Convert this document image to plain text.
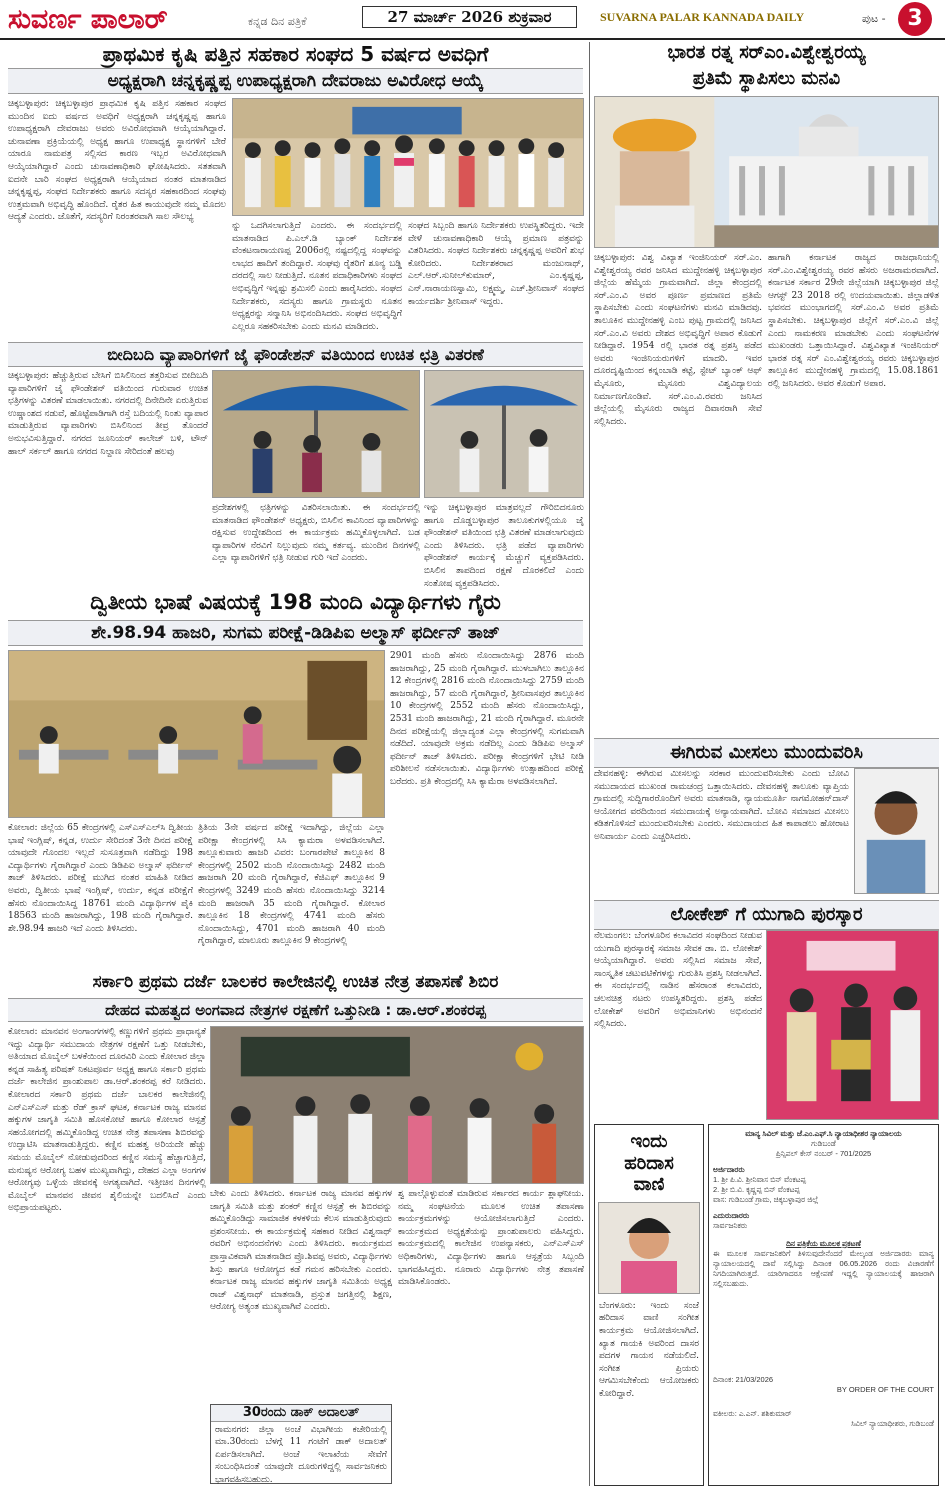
ಸುವರ್ಣ ಪಾಲಾರ್	ಕನ್ನಡ ದಿನ ಪತ್ರಿಕೆ	27 ಮಾರ್ಚ್ 2026 ಶುಕ್ರವಾರ	SUVARNA PALAR KANNADA DAILY	ಪುಟ - 3
ಪ್ರಾಥಮಿಕ ಕೃಷಿ ಪತ್ತಿನ ಸಹಕಾರ ಸಂಘದ 5 ವರ್ಷದ ಅವಧಿಗೆ
ಅಧ್ಯಕ್ಷರಾಗಿ ಚನ್ನಕೃಷ್ಣಪ್ಪ ಉಪಾಧ್ಯಕ್ಷರಾಗಿ ದೇವರಾಜು ಅವಿರೋಧ ಆಯ್ಕೆ
ಚಿಕ್ಕಬಳ್ಳಾಪುರ: ಚಿಕ್ಕಬಳ್ಳಾಪುರ ಪ್ರಾಥಮಿಕ ಕೃಷಿ ಪತ್ತಿನ ಸಹಕಾರ ಸಂಘದ ಮುಂದಿನ ಐದು ವರ್ಷದ ಅವಧಿಗೆ ಅಧ್ಯಕ್ಷರಾಗಿ ಚನ್ನಕೃಷ್ಣಪ್ಪ ಹಾಗೂ ಉಪಾಧ್ಯಕ್ಷರಾಗಿ ದೇವರಾಜು ಅವರು ಅವಿರೋಧವಾಗಿ ಆಯ್ಕೆಯಾಗಿದ್ದಾರೆ. ಚುನಾವಣಾ ಪ್ರಕ್ರಿಯೆಯಲ್ಲಿ ಅಧ್ಯಕ್ಷ ಹಾಗೂ ಉಪಾಧ್ಯಕ್ಷ ಸ್ಥಾನಗಳಿಗೆ ಬೇರೆ ಯಾರೂ ನಾಮಪತ್ರ ಸಲ್ಲಿಸದ ಕಾರಣ ಇಬ್ಬರ ಅವಿರೋಧವಾಗಿ ಆಯ್ಕೆಯಾಗಿದ್ದಾರೆ ಎಂದು ಚುನಾವಣಾಧಿಕಾರಿ ಘೋಷಿಸಿದರು. ಸತತವಾಗಿ ಐದನೇ ಬಾರಿ ಸಂಘದ ಅಧ್ಯಕ್ಷರಾಗಿ ಆಯ್ಕೆಯಾದ ನಂತರ ಮಾತನಾಡಿದ ಚನ್ನಕೃಷ್ಣಪ್ಪ, ಸಂಘದ ನಿರ್ದೇಶಕರು ಹಾಗೂ ಸದಸ್ಯರ ಸಹಕಾರದಿಂದ ಸಂಘವು ಉತ್ತಮವಾಗಿ ಅಭಿವೃದ್ಧಿ ಹೊಂದಿದೆ. ರೈತರ ಹಿತ ಕಾಯುವುದೇ ನಮ್ಮ ಮೊದಲ ಆದ್ಯತೆ ಎಂದರು. ಜೊತೆಗೆ, ಸದಸ್ಯರಿಗೆ ನಿರಂತರವಾಗಿ ಸಾಲ ಸೌಲಭ್ಯ
ನ್ನು ಒದಗಿಸಲಾಗುತ್ತಿದೆ ಎಂದರು. ಈ ಸಂದರ್ಭದಲ್ಲಿ ಮಾತನಾಡಿದ ಪಿ.ಎಲ್.ಡಿ ಬ್ಯಾಂಕ್ ನಿರ್ದೇಶಕ ವೆಂಕಟನಾರಾಯಣಪ್ಪ 2006ರಲ್ಲಿ ನಷ್ಟದಲ್ಲಿದ್ದ ಸಂಘವನ್ನು ಲಾಭದ ಹಾದಿಗೆ ತಂದಿದ್ದಾರೆ. ಸಂಘವು ರೈತರಿಗೆ ಶೂನ್ಯ ಬಡ್ಡಿ ದರದಲ್ಲಿ ಸಾಲ ನೀಡುತ್ತಿದೆ. ನೂತನ ಪದಾಧಿಕಾರಿಗಳು ಸಂಘದ ಅಭಿವೃದ್ಧಿಗೆ ಇನ್ನಷ್ಟು ಶ್ರಮಿಸಲಿ ಎಂದು ಹಾರೈಸಿದರು. ಸಂಘದ ನಿರ್ದೇಶಕರು, ಸದಸ್ಯರು ಹಾಗೂ ಗ್ರಾಮಸ್ಥರು ನೂತನ ಅಧ್ಯಕ್ಷರನ್ನು ಸನ್ಮಾನಿಸಿ ಅಭಿನಂದಿಸಿದರು. ಸಂಘದ ಅಭಿವೃದ್ಧಿಗೆ ಎಲ್ಲರೂ ಸಹಕರಿಸಬೇಕು ಎಂದು ಮನವಿ ಮಾಡಿದರು.
ಸಂಘದ ಸಿಬ್ಬಂದಿ ಹಾಗೂ ನಿರ್ದೇಶಕರು ಉಪಸ್ಥಿತರಿದ್ದರು. ಇದೇ ವೇಳೆ ಚುನಾವಣಾಧಿಕಾರಿ ಆಯ್ಕೆ ಪ್ರಮಾಣ ಪತ್ರವನ್ನು ವಿತರಿಸಿದರು. ಸಂಘದ ನಿರ್ದೇಶಕರು ಚನ್ನಕೃಷ್ಣಪ್ಪ ಅವರಿಗೆ ಶುಭ ಕೋರಿದರು. ನಿರ್ದೇಶಕರಾದ ಮಂಜುನಾಥ್, ಎಲ್.ಆರ್.ಸುನೀಲ್‌ಕುಮಾರ್, ಎಂ.ಕೃಷ್ಣಪ್ಪ, ಎನ್.ನಾರಾಯಣಸ್ವಾಮಿ, ಲಕ್ಷ್ಮಮ್ಮ, ಎಚ್.ಶ್ರೀನಿವಾಸ್ ಸಂಘದ ಕಾರ್ಯದರ್ಶಿ ಶ್ರೀನಿವಾಸ್ ಇದ್ದರು.
ಬೀದಿಬದಿ ವ್ಯಾಪಾರಿಗಳಿಗೆ ಜೈ ಫೌಂಡೇಶನ್ ವತಿಯಿಂದ ಉಚಿತ ಛತ್ರಿ ವಿತರಣೆ
ಚಿಕ್ಕಬಳ್ಳಾಪುರ: ಹೆಚ್ಚುತ್ತಿರುವ ಬೇಸಿಗೆ ಬಿಸಿಲಿನಿಂದ ತತ್ತರಿಸುವ ಬೀದಿಬದಿ ವ್ಯಾಪಾರಿಗಳಿಗೆ ಜೈ ಫೌಂಡೇಶನ್ ವತಿಯಿಂದ ಗುರುವಾರ ಉಚಿತ ಛತ್ರಿಗಳನ್ನು ವಿತರಣೆ ಮಾಡಲಾಯಿತು. ನಗರದಲ್ಲಿ ದಿನೇದಿನೇ ಏರುತ್ತಿರುವ ಉಷ್ಣಾಂಶದ ನಡುವೆ, ಹೊಟ್ಟೆಪಾಡಿಗಾಗಿ ರಸ್ತೆ ಬದಿಯಲ್ಲಿ ನಿಂತು ವ್ಯಾಪಾರ ಮಾಡುತ್ತಿರುವ ವ್ಯಾಪಾರಿಗಳು ಬಿಸಿಲಿನಿಂದ ತೀವ್ರ ತೊಂದರೆ ಅನುಭವಿಸುತ್ತಿದ್ದಾರೆ. ನಗರದ ಜೂನಿಯರ್ ಕಾಲೇಜ್ ಬಳಿ, ಟೌನ್ ಹಾಲ್ ಸರ್ಕಲ್ ಹಾಗೂ ನಗರದ ನಿಲ್ದಾಣ ಸೇರಿದಂತೆ ಹಲವು
ಪ್ರದೇಶಗಳಲ್ಲಿ ಛತ್ರಿಗಳನ್ನು ವಿತರಿಸಲಾಯಿತು. ಈ ಸಂದರ್ಭದಲ್ಲಿ ಮಾತನಾಡಿದ ಫೌಂಡೇಶನ್ ಅಧ್ಯಕ್ಷರು, ಬಿಸಿಲಿನ ಕಾವಿನಿಂದ ವ್ಯಾಪಾರಿಗಳನ್ನು ರಕ್ಷಿಸುವ ಉದ್ದೇಶದಿಂದ ಈ ಕಾರ್ಯಕ್ರಮ ಹಮ್ಮಿಕೊಳ್ಳಲಾಗಿದೆ. ಬಡ ವ್ಯಾಪಾರಿಗಳ ನೆರವಿಗೆ ನಿಲ್ಲುವುದು ನಮ್ಮ ಕರ್ತವ್ಯ. ಮುಂದಿನ ದಿನಗಳಲ್ಲಿ ಎಲ್ಲಾ ವ್ಯಾಪಾರಿಗಳಿಗೆ ಛತ್ರಿ ನೀಡುವ ಗುರಿ ಇದೆ ಎಂದರು.
ಇನ್ನು ಚಿಕ್ಕಬಳ್ಳಾಪುರ ಮಾತ್ರವಲ್ಲದೆ ಗೌರಿಬಿದನೂರು ಹಾಗೂ ದೊಡ್ಡಬಳ್ಳಾಪುರ ತಾಲೂಕುಗಳಲ್ಲಿಯೂ ಜೈ ಫೌಂಡೇಶನ್ ವತಿಯಿಂದ ಛತ್ರಿ ವಿತರಣೆ ಮಾಡಲಾಗುವುದು ಎಂದು ತಿಳಿಸಿದರು. ಛತ್ರಿ ಪಡೆದ ವ್ಯಾಪಾರಿಗಳು ಫೌಂಡೇಶನ್ ಕಾರ್ಯಕ್ಕೆ ಮೆಚ್ಚುಗೆ ವ್ಯಕ್ತಪಡಿಸಿದರು. ಬಿಸಿಲಿನ ತಾಪದಿಂದ ರಕ್ಷಣೆ ದೊರಕಲಿದೆ ಎಂದು ಸಂತೋಷ ವ್ಯಕ್ತಪಡಿಸಿದರು.
ದ್ವಿತೀಯ ಭಾಷೆ ವಿಷಯಕ್ಕೆ 198 ಮಂದಿ ವಿದ್ಯಾರ್ಥಿಗಳು ಗೈರು
ಶೇ.98.94 ಹಾಜರಿ, ಸುಗಮ ಪರೀಕ್ಷೆ-ಡಿಡಿಪಿಐ ಅಲ್ಮಾಸ್ ಫರ್ದೀನ್ ತಾಜ್
2901 ಮಂದಿ ಹೆಸರು ನೊಂದಾಯಿಸಿದ್ದು 2876 ಮಂದಿ ಹಾಜರಾಗಿದ್ದು, 25 ಮಂದಿ ಗೈರಾಗಿದ್ದಾರೆ. ಮುಳಬಾಗಿಲು ತಾಲ್ಲೂಕಿನ 12 ಕೇಂದ್ರಗಳಲ್ಲಿ 2816 ಮಂದಿ ನೊಂದಾಯಿಸಿದ್ದು 2759 ಮಂದಿ ಹಾಜರಾಗಿದ್ದು, 57 ಮಂದಿ ಗೈರಾಗಿದ್ದಾರೆ, ಶ್ರೀನಿವಾಸಪುರ ತಾಲ್ಲೂಕಿನ 10 ಕೇಂದ್ರಗಳಲ್ಲಿ 2552 ಮಂದಿ ಹೆಸರು ನೊಂದಾಯಿಸಿದ್ದು, 2531 ಮಂದಿ ಹಾಜರಾಗಿದ್ದು, 21 ಮಂದಿ ಗೈರಾಗಿದ್ದಾರೆ. ಮೂರನೇ ದಿನದ ಪರೀಕ್ಷೆಯಲ್ಲಿ ಜಿಲ್ಲಾದ್ಯಂತ ಎಲ್ಲಾ ಕೇಂದ್ರಗಳಲ್ಲಿ ಸುಗಮವಾಗಿ ನಡೆದಿದೆ. ಯಾವುದೇ ಅಕ್ರಮ ನಡೆದಿಲ್ಲ ಎಂದು ಡಿಡಿಪಿಐ ಅಲ್ಮಾಸ್ ಫರ್ದೀನ್ ತಾಜ್ ತಿಳಿಸಿದರು. ಪರೀಕ್ಷಾ ಕೇಂದ್ರಗಳಿಗೆ ಭೇಟಿ ನೀಡಿ ಪರಿಶೀಲನೆ ನಡೆಸಲಾಯಿತು. ವಿದ್ಯಾರ್ಥಿಗಳು ಉತ್ಸಾಹದಿಂದ ಪರೀಕ್ಷೆ ಬರೆದರು. ಪ್ರತಿ ಕೇಂದ್ರದಲ್ಲಿ ಸಿಸಿ ಕ್ಯಾಮೆರಾ ಅಳವಡಿಸಲಾಗಿದೆ.
ಕೋಲಾರ: ಜಿಲ್ಲೆಯ 65 ಕೇಂದ್ರಗಳಲ್ಲಿ ಎಸ್ಎಸ್ಎಲ್‌ಸಿ ದ್ವಿತೀಯ ಭಾಷೆ ಇಂಗ್ಲಿಷ್, ಕನ್ನಡ, ಉರ್ದು ಸೇರಿದಂತೆ 3ನೇ ದಿನದ ಪರೀಕ್ಷೆ ಯಾವುದೇ ಗೊಂದಲ ಇಲ್ಲದೆ ಸುಸೂತ್ರವಾಗಿ ನಡೆದಿದ್ದು 198 ವಿದ್ಯಾರ್ಥಿಗಳು ಗೈರಾಗಿದ್ದಾರೆ ಎಂದು ಡಿಡಿಪಿಐ ಅಲ್ಮಾಸ್ ಫರ್ದೀನ್ ತಾಜ್ ತಿಳಿಸಿದರು. ಪರೀಕ್ಷೆ ಮುಗಿದ ನಂತರ ಮಾಹಿತಿ ನೀಡಿದ ಅವರು, ದ್ವಿತೀಯ ಭಾಷೆ ಇಂಗ್ಲಿಷ್, ಉರ್ದು, ಕನ್ನಡ ಪರೀಕ್ಷೆಗೆ ಹೆಸರು ನೊಂದಾಯಿಸಿದ್ದ 18761 ಮಂದಿ ವಿದ್ಯಾರ್ಥಿಗಳ ಪೈಕಿ 18563 ಮಂದಿ ಹಾಜರಾಗಿದ್ದು, 198 ಮಂದಿ ಗೈರಾಗಿದ್ದಾರೆ. ಶೇ.98.94 ಹಾಜರಿ ಇದೆ ಎಂದು ತಿಳಿಸಿದರು.
ತ್ರಿತಿಯ 3ನೇ ವರ್ಷದ ಪರೀಕ್ಷೆ ಇದಾಗಿದ್ದು, ಜಿಲ್ಲೆಯ ಎಲ್ಲಾ ಪರೀಕ್ಷಾ ಕೇಂದ್ರಗಳಲ್ಲಿ ಸಿಸಿ ಕ್ಯಾಮರಾ ಅಳವಡಿಸಲಾಗಿದೆ. ತಾಲ್ಲೂಕುವಾರು ಹಾಜರಿ ವಿವರ: ಬಂಗಾರಪೇಟೆ ತಾಲ್ಲೂಕಿನ 8 ಕೇಂದ್ರಗಳಲ್ಲಿ 2502 ಮಂದಿ ನೊಂದಾಯಿಸಿದ್ದು 2482 ಮಂದಿ ಹಾಜರಾಗಿ 20 ಮಂದಿ ಗೈರಾಗಿದ್ದಾರೆ, ಕೆಜಿಎಫ್ ತಾಲ್ಲೂಕಿನ 9 ಕೇಂದ್ರಗಳಲ್ಲಿ 3249 ಮಂದಿ ಹೆಸರು ನೊಂದಾಯಿಸಿದ್ದು 3214 ಮಂದಿ ಹಾಜರಾಗಿ 35 ಮಂದಿ ಗೈರಾಗಿದ್ದಾರೆ. ಕೋಲಾರ ತಾಲ್ಲೂಕಿನ 18 ಕೇಂದ್ರಗಳಲ್ಲಿ 4741 ಮಂದಿ ಹೆಸರು ನೊಂದಾಯಿಸಿದ್ದು, 4701 ಮಂದಿ ಹಾಜರಾಗಿ 40 ಮಂದಿ ಗೈರಾಗಿದ್ದಾರೆ, ಮಾಲೂರು ತಾಲ್ಲೂಕಿನ 9 ಕೇಂದ್ರಗಳಲ್ಲಿ
ಸರ್ಕಾರಿ ಪ್ರಥಮ ದರ್ಜೆ ಬಾಲಕರ ಕಾಲೇಜಿನಲ್ಲಿ ಉಚಿತ ನೇತ್ರ ತಪಾಸಣೆ ಶಿಬಿರ
ದೇಹದ ಮಹತ್ವದ ಅಂಗವಾದ ನೇತ್ರಗಳ ರಕ್ಷಣೆಗೆ ಒತ್ತುನೀಡಿ : ಡಾ.ಆರ್.ಶಂಕರಪ್ಪ
ಕೋಲಾರ: ಮಾನವನ ಅಂಗಾಂಗಗಳಲ್ಲಿ ಕಣ್ಣುಗಳಿಗೆ ಪ್ರಥಮ ಪ್ರಾಧಾನ್ಯತೆ ಇದ್ದು ವಿದ್ಯಾರ್ಥಿ ಸಮುದಾಯ ನೇತ್ರಗಳ ರಕ್ಷಣೆಗೆ ಒತ್ತು ನೀಡಬೇಕು, ಅತಿಯಾದ ಮೊಬೈಲ್ ಬಳಕೆಯಿಂದ ದೂರವಿರಿ ಎಂದು ಕೋಲಾರ ಜಿಲ್ಲಾ ಕನ್ನಡ ಸಾಹಿತ್ಯ ಪರಿಷತ್ ನಿಕಟಪೂರ್ವ ಅಧ್ಯಕ್ಷ ಹಾಗೂ ಸರ್ಕಾರಿ ಪ್ರಥಮ ದರ್ಜೆ ಕಾಲೇಜಿನ ಪ್ರಾಂಶುಪಾಲ ಡಾ.ಆರ್.ಶಂಕರಪ್ಪ ಕರೆ ನೀಡಿದರು. ಕೋಲಾರದ ಸರ್ಕಾರಿ ಪ್ರಥಮ ದರ್ಜೆ ಬಾಲಕರ ಕಾಲೇಜಿನಲ್ಲಿ ಎನ್‌ಎಸ್‌ಎಸ್ ಮತ್ತು ರೆಡ್ ಕ್ರಾಸ್ ಘಟಕ, ಕರ್ನಾಟಕ ರಾಜ್ಯ ಮಾನವ ಹಕ್ಕುಗಳ ಜಾಗೃತಿ ಸಮಿತಿ ಹೊಸಕೋಟೆ ಹಾಗೂ ಕೋಲಾರ ಆಸ್ಪತ್ರೆ ಸಹಯೋಗದಲ್ಲಿ ಹಮ್ಮಿಕೊಂಡಿದ್ದ ಉಚಿತ ನೇತ್ರ ತಪಾಸಣಾ ಶಿಬಿರವನ್ನು ಉದ್ಘಾಟಿಸಿ ಮಾತನಾಡುತ್ತಿದ್ದರು. ಕಣ್ಣಿನ ಮಹತ್ವ ಅರಿಯದೇ ಹೆಚ್ಚು ಸಮಯ ಮೊಬೈಲ್ ನೋಡುವುದರಿಂದ ಕಣ್ಣಿನ ಸಮಸ್ಯೆ ಹೆಚ್ಚಾಗುತ್ತಿದೆ, ಮನುಷ್ಯನ ಆರೋಗ್ಯ ಬಹಳ ಮುಖ್ಯವಾಗಿದ್ದು, ದೇಹದ ಎಲ್ಲಾ ಅಂಗಗಳ ಆರೋಗ್ಯವು ಒಳ್ಳೆಯ ಜೀವನಕ್ಕೆ ಅಗತ್ಯವಾಗಿದೆ. ಇತ್ತೀಚಿನ ದಿನಗಳಲ್ಲಿ ಮೊಬೈಲ್ ಮಾನವನ ಜೀವನ ಶೈಲಿಯನ್ನೇ ಬದಲಿಸಿದೆ ಎಂದು ಅಭಿಪ್ರಾಯಪಟ್ಟರು.
ಬೇಕು ಎಂದು ತಿಳಿಸಿದರು. ಕರ್ನಾಟಕ ರಾಜ್ಯ ಮಾನವ ಹಕ್ಕುಗಳ ಜಾಗೃತಿ ಸಮಿತಿ ಮತ್ತು ಶಂಕರ್ ಕಣ್ಣಿನ ಆಸ್ಪತ್ರೆ ಈ ಶಿಬಿರವನ್ನು ಹಮ್ಮಿಕೊಂಡಿದ್ದು ಸಾಮಾಜಿಕ ಕಳಕಳಿಯ ಕೆಲಸ ಮಾಡುತ್ತಿರುವುದು ಪ್ರಶಂಸನೀಯ. ಈ ಕಾರ್ಯಕ್ರಮಕ್ಕೆ ಸಹಕಾರ ನೀಡಿದ ವಿಶ್ವನಾಥ್ ರವರಿಗೆ ಅಭಿನಂದನೆಗಳು ಎಂದು ತಿಳಿಸಿದರು. ಕಾರ್ಯಕ್ರಮದ ಪ್ರಾಸ್ತಾವಿಕವಾಗಿ ಮಾತನಾಡಿದ ಪ್ರೊ.ಶಿವಪ್ಪ ಅವರು, ವಿದ್ಯಾರ್ಥಿಗಳು ಶಿಸ್ತು ಹಾಗೂ ಆರೋಗ್ಯದ ಕಡೆ ಗಮನ ಹರಿಸಬೇಕು ಎಂದರು. ಕರ್ನಾಟಕ ರಾಜ್ಯ ಮಾನವ ಹಕ್ಕುಗಳ ಜಾಗೃತಿ ಸಮಿತಿಯ ಅಧ್ಯಕ್ಷ ರಾಜ್ ವಿಶ್ವನಾಥ್ ಮಾತನಾಡಿ, ಪ್ರಸ್ತುತ ಜಗತ್ತಿನಲ್ಲಿ ಶಿಕ್ಷಣ, ಆರೋಗ್ಯ ಅತ್ಯಂತ ಮುಖ್ಯವಾಗಿವೆ ಎಂದರು.
ಶ್ವ ಪಾಲ್ಗೊಳ್ಳುವಂತೆ ಮಾಡಿರುವ ಸರ್ಕಾರದ ಕಾರ್ಯ ಶ್ಲಾಘನೀಯ. ನಮ್ಮ ಸಂಘಟನೆಯ ಮೂಲಕ ಉಚಿತ ತಪಾಸಣಾ ಕಾರ್ಯಕ್ರಮಗಳನ್ನು ಆಯೋಜಿಸಲಾಗುತ್ತಿದೆ ಎಂದರು. ಕಾರ್ಯಕ್ರಮದ ಅಧ್ಯಕ್ಷತೆಯನ್ನು ಪ್ರಾಂಶುಪಾಲರು ವಹಿಸಿದ್ದರು. ಕಾರ್ಯಕ್ರಮದಲ್ಲಿ ಕಾಲೇಜಿನ ಉಪನ್ಯಾಸಕರು, ಎನ್‌ಎಸ್‌ಎಸ್ ಅಧಿಕಾರಿಗಳು, ವಿದ್ಯಾರ್ಥಿಗಳು ಹಾಗೂ ಆಸ್ಪತ್ರೆಯ ಸಿಬ್ಬಂದಿ ಭಾಗವಹಿಸಿದ್ದರು. ನೂರಾರು ವಿದ್ಯಾರ್ಥಿಗಳು ನೇತ್ರ ತಪಾಸಣೆ ಮಾಡಿಸಿಕೊಂಡರು.
30ರಂದು ಡಾಕ್ ಅದಾಲತ್
ರಾಮನಗರ: ಜಿಲ್ಲಾ ಅಂಚೆ ವಿಭಾಗೀಯ ಕಚೇರಿಯಲ್ಲಿ ಮಾ.30ರಂದು ಬೆಳಗ್ಗೆ 11 ಗಂಟೆಗೆ ಡಾಕ್ ಅದಾಲತ್ ಏರ್ಪಡಿಸಲಾಗಿದೆ. ಅಂಚೆ ಇಲಾಖೆಯ ಸೇವೆಗೆ ಸಂಬಂಧಿಸಿದಂತೆ ಯಾವುದೇ ದೂರುಗಳಿದ್ದಲ್ಲಿ ಸಾರ್ವಜನಿಕರು ಭಾಗವಹಿಸಬಹುದು.
ಭಾರತ ರತ್ನ ಸರ್‌ಎಂ.ವಿಶ್ವೇಶ್ವರಯ್ಯ
ಪ್ರತಿಮೆ ಸ್ಥಾಪಿಸಲು ಮನವಿ
ಚಿಕ್ಕಬಳ್ಳಾಪುರ: ವಿಶ್ವ ವಿಖ್ಯಾತ ಇಂಜಿನಿಯರ್ ಸರ್.ಎಂ. ವಿಶ್ವೇಶ್ವರಯ್ಯ ರವರ ಜನಿಸಿದ ಮುದ್ದೇನಹಳ್ಳಿ ಚಿಕ್ಕಬಳ್ಳಾಪುರ ಜಿಲ್ಲೆಯ ಹೆಮ್ಮೆಯ ಗ್ರಾಮವಾಗಿದೆ. ಜಿಲ್ಲಾ ಕೇಂದ್ರದಲ್ಲಿ ಸರ್.ಎಂ.ವಿ ಅವರ ಪೂರ್ಣ ಪ್ರಮಾಣದ ಪ್ರತಿಮೆ ಸ್ಥಾಪಿಸಬೇಕು ಎಂದು ಸಂಘಟನೆಗಳು ಮನವಿ ಮಾಡಿದವು. ತಾಲೂಕಿನ ಮುದ್ದೇನಹಳ್ಳಿ ಎಂಬ ಪುಟ್ಟ ಗ್ರಾಮದಲ್ಲಿ ಜನಿಸಿದ ಸರ್.ಎಂ.ವಿ ಅವರು ದೇಶದ ಅಭಿವೃದ್ಧಿಗೆ ಅಪಾರ ಕೊಡುಗೆ ನೀಡಿದ್ದಾರೆ. 1954 ರಲ್ಲಿ ಭಾರತ ರತ್ನ ಪ್ರಶಸ್ತಿ ಪಡೆದ ಅವರು ಇಂಜಿನಿಯರುಗಳಿಗೆ ಮಾದರಿ. ಇವರ ದೂರದೃಷ್ಟಿಯಿಂದ ಕನ್ನಂಬಾಡಿ ಕಟ್ಟೆ, ಸ್ಟೇಟ್ ಬ್ಯಾಂಕ್ ಆಫ್ ಮೈಸೂರು, ಮೈಸೂರು ವಿಶ್ವವಿದ್ಯಾಲಯ ನಿರ್ಮಾಣಗೊಂಡಿವೆ. ಸರ್.ಎಂ.ವಿ.ರವರು ಜನಿಸಿದ ಜಿಲ್ಲೆಯಲ್ಲಿ ಮೈಸೂರು ರಾಜ್ಯದ ದಿವಾನರಾಗಿ ಸೇವೆ ಸಲ್ಲಿಸಿದರು.
ಹಾಗಾಗಿ ಕರ್ನಾಟಕ ರಾಜ್ಯದ ರಾಜಧಾನಿಯಲ್ಲಿ ಸರ್.ಎಂ.ವಿಶ್ವೇಶ್ವರಯ್ಯ ರವರ ಹೆಸರು ಅಜರಾಮರವಾಗಿದೆ. ಕರ್ನಾಟಕ ಸರ್ಕಾರ 29ನೇ ಜಿಲ್ಲೆಯಾಗಿ ಚಿಕ್ಕಬಳ್ಳಾಪುರ ಜಿಲ್ಲೆ ಆಗಸ್ಟ್ 23 2018 ರಲ್ಲಿ ಉದಯವಾಯಿತು. ಜಿಲ್ಲಾಡಳಿತ ಭವನದ ಮುಂಭಾಗದಲ್ಲಿ ಸರ್.ಎಂ.ವಿ ಅವರ ಪ್ರತಿಮೆ ಸ್ಥಾಪಿಸಬೇಕು. ಚಿಕ್ಕಬಳ್ಳಾಪುರ ಜಿಲ್ಲೆಗೆ ಸರ್.ಎಂ.ವಿ ಜಿಲ್ಲೆ ಎಂದು ನಾಮಕರಣ ಮಾಡಬೇಕು ಎಂದು ಸಂಘಟನೆಗಳ ಮುಖಂಡರು ಒತ್ತಾಯಿಸಿದ್ದಾರೆ. ವಿಶ್ವವಿಖ್ಯಾತ ಇಂಜಿನಿಯರ್ ಭಾರತ ರತ್ನ ಸರ್ ಎಂ.ವಿಶ್ವೇಶ್ವರಯ್ಯ ರವರು ಚಿಕ್ಕಬಳ್ಳಾಪುರ ತಾಲ್ಲೂಕಿನ ಮುದ್ದೇನಹಳ್ಳಿ ಗ್ರಾಮದಲ್ಲಿ 15.08.1861 ರಲ್ಲಿ ಜನಿಸಿದರು. ಅವರ ಕೊಡುಗೆ ಅಪಾರ.
ಈಗಿರುವ ಮೀಸಲು ಮುಂದುವರಿಸಿ
ದೇವನಹಳ್ಳಿ: ಈಗಿರುವ ಮೀಸಲನ್ನು ಸರಕಾರ ಮುಂದುವರಿಸಬೇಕು ಎಂದು ಬೋವಿ ಸಮುದಾಯದ ಮುಖಂಡ ರಾಮಚಂದ್ರ ಒತ್ತಾಯಿಸಿದರು. ದೇವನಹಳ್ಳಿ ತಾಲೂಕು ವ್ಯಾಪ್ತಿಯ ಗ್ರಾಮದಲ್ಲಿ ಸುದ್ದಿಗಾರರೊಂದಿಗೆ ಅವರು ಮಾತನಾಡಿ, ನ್ಯಾಯಮೂರ್ತಿ ನಾಗಮೋಹನ್‌ದಾಸ್ ಆಯೋಗದ ವರದಿಯಿಂದ ಸಮುದಾಯಕ್ಕೆ ಅನ್ಯಾಯವಾಗಿದೆ. ಬೋವಿ ಸಮಾಜದ ಮೀಸಲು ಕಡಿತಗೊಳಿಸದೆ ಮುಂದುವರಿಸಬೇಕು ಎಂದರು. ಸಮುದಾಯದ ಹಿತ ಕಾಪಾಡಲು ಹೋರಾಟ ಅನಿವಾರ್ಯ ಎಂದು ಎಚ್ಚರಿಸಿದರು.
ಲೋಕೇಶ್ ಗೆ ಯುಗಾದಿ ಪುರಸ್ಕಾರ
ನೆಲಮಂಗಲ: ಬೆಂಗಳೂರಿನ ಕಲಾವಿದರ ಸಂಘದಿಂದ ನೀಡುವ ಯುಗಾದಿ ಪುರಸ್ಕಾರಕ್ಕೆ ಸಮಾಜ ಸೇವಕ ಡಾ. ಬಿ. ಲೋಕೇಶ್ ಆಯ್ಕೆಯಾಗಿದ್ದಾರೆ. ಅವರು ಸಲ್ಲಿಸಿದ ಸಮಾಜ ಸೇವೆ, ಸಾಂಸ್ಕೃತಿಕ ಚಟುವಟಿಕೆಗಳನ್ನು ಗುರುತಿಸಿ ಪ್ರಶಸ್ತಿ ನೀಡಲಾಗಿದೆ. ಈ ಸಂದರ್ಭದಲ್ಲಿ ನಾಡಿನ ಹೆಸರಾಂತ ಕಲಾವಿದರು, ಚಲನಚಿತ್ರ ನಟರು ಉಪಸ್ಥಿತರಿದ್ದರು. ಪ್ರಶಸ್ತಿ ಪಡೆದ ಲೋಕೇಶ್ ಅವರಿಗೆ ಅಭಿಮಾನಿಗಳು ಅಭಿನಂದನೆ ಸಲ್ಲಿಸಿದರು.
ಇಂದು
ಹರಿದಾಸ
ವಾಣಿ
ಬೆಂಗಳೂರು: ಇಂದು ಸಂಜೆ ಹರಿದಾಸ ವಾಣಿ ಸಂಗೀತ ಕಾರ್ಯಕ್ರಮ ಆಯೋಜಿಸಲಾಗಿದೆ. ಖ್ಯಾತ ಗಾಯಕಿ ಅವರಿಂದ ದಾಸರ ಪದಗಳ ಗಾಯನ ನಡೆಯಲಿದೆ. ಸಂಗೀತ ಪ್ರಿಯರು ಆಗಮಿಸಬೇಕೆಂದು ಆಯೋಜಕರು ಕೋರಿದ್ದಾರೆ.
ಮಾನ್ಯ ಸಿವಿಲ್ ಮತ್ತು ಜೆ.ಎಂ.ಎಫ್.ಸಿ ನ್ಯಾಯಾಧೀಶರ ನ್ಯಾಯಾಲಯ
ಗುಡಿಬಂಡೆ
ಪ್ರಿನ್ಸಿಪಲ್ ಕೇಸ್ ನಂಬರ್ - 701/2025
ಅರ್ಜಿದಾರರು
1. ಶ್ರೀ ಪಿ.ವಿ. ಶ್ರೀನಿವಾಸ ಬಿನ್ ವೆಂಕಟಪ್ಪ
2. ಶ್ರೀ ಬಿ.ವಿ. ಕೃಷ್ಣಪ್ಪ ಬಿನ್ ವೆಂಕಟಪ್ಪ
ವಾಸ: ಗುಡಿಬಂಡೆ ಗ್ರಾಮ, ಚಿಕ್ಕಬಳ್ಳಾಪುರ ಜಿಲ್ಲೆ
ಎದುರುದಾರರು
ಸಾರ್ವಜನಿಕರು
ದಿನ ಪತ್ರಿಕೆಯ ಮೂಲಕ ಪ್ರಕಟಣೆ
ಈ ಮೂಲಕ ಸಾರ್ವಜನಿಕರಿಗೆ ತಿಳಿಸುವುದೇನೆಂದರೆ ಮೇಲ್ಕಂಡ ಅರ್ಜಿದಾರರು ಮಾನ್ಯ ನ್ಯಾಯಾಲಯದಲ್ಲಿ ದಾವೆ ಸಲ್ಲಿಸಿದ್ದು ದಿನಾಂಕ 06.05.2026 ರಂದು ವಿಚಾರಣೆಗೆ ನಿಗದಿಯಾಗಿರುತ್ತದೆ. ಯಾರಿಗಾದರೂ ಆಕ್ಷೇಪಣೆ ಇದ್ದಲ್ಲಿ ನ್ಯಾಯಾಲಯಕ್ಕೆ ಹಾಜರಾಗಿ ಸಲ್ಲಿಸಬಹುದು.
ದಿನಾಂಕ: 21/03/2026
BY ORDER OF THE COURT
ವಕೀಲರು: ಎ.ಎನ್. ಶಶಿಕುಮಾರ್
ಸಿವಿಲ್ ನ್ಯಾಯಾಧೀಶರು, ಗುಡಿಬಂಡೆ
